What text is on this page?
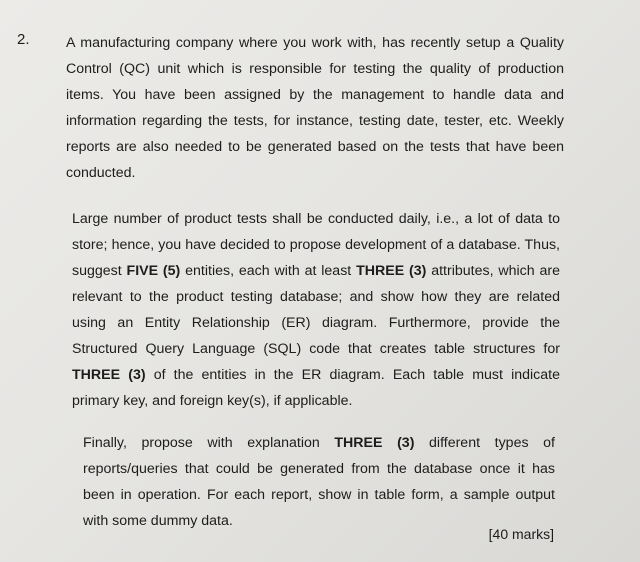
2.	A manufacturing company where you work with, has recently setup a Quality Control (QC) unit which is responsible for testing the quality of production items. You have been assigned by the management to handle data and information regarding the tests, for instance, testing date, tester, etc. Weekly reports are also needed to be generated based on the tests that have been conducted.
Large number of product tests shall be conducted daily, i.e., a lot of data to store; hence, you have decided to propose development of a database. Thus, suggest FIVE (5) entities, each with at least THREE (3) attributes, which are relevant to the product testing database; and show how they are related using an Entity Relationship (ER) diagram. Furthermore, provide the Structured Query Language (SQL) code that creates table structures for THREE (3) of the entities in the ER diagram. Each table must indicate primary key, and foreign key(s), if applicable.
Finally, propose with explanation THREE (3) different types of reports/queries that could be generated from the database once it has been in operation. For each report, show in table form, a sample output with some dummy data.
[40 marks]
